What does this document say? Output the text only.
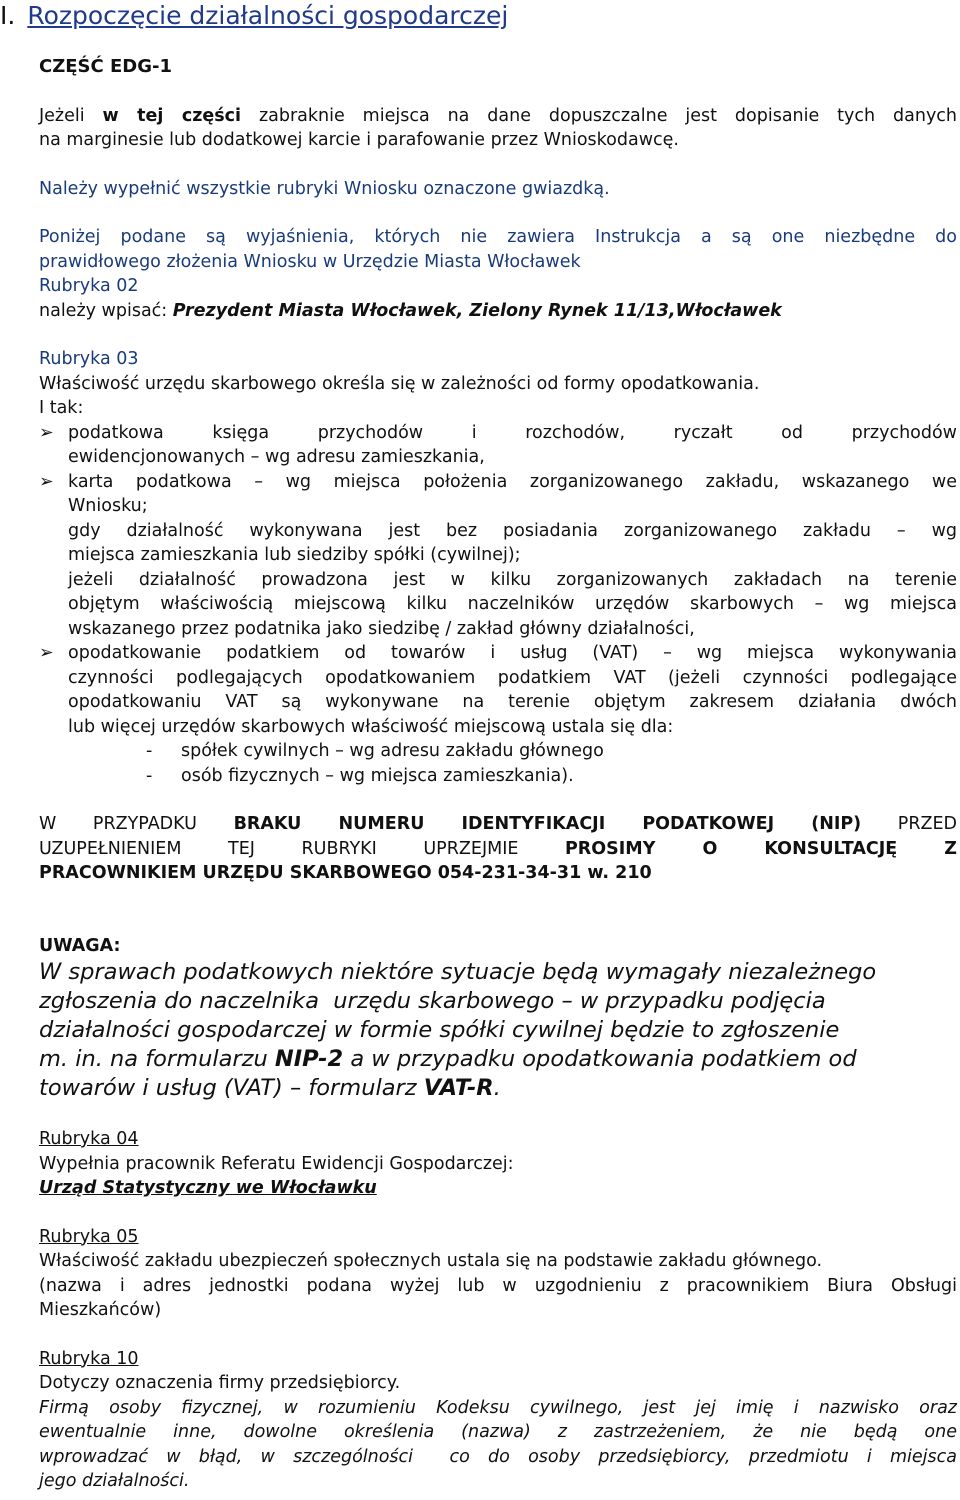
I. Rozpoczęcie działalności gospodarczej

CZĘŚĆ EDG-1

Jeżeli w tej części zabraknie miejsca na dane dopuszczalne jest dopisanie tych danych

na marginesie lub dodatkowej karcie i parafowanie przez Wnioskodawcę.

Należy wypełnić wszystkie rubryki Wniosku oznaczone gwiazdką.

Poniżej podane są wyjaśnienia, których nie zawiera Instrukcja a są one niezbędne do

prawidłowego złożenia Wniosku w Urzędzie Miasta Włocławek

Rubryka 02

należy wpisać: Prezydent Miasta Włocławek, Zielony Rynek 11/13,Włocławek

Rubryka 03

Właściwość urzędu skarbowego określa się w zależności od formy opodatkowania.

I tak:

➢ podatkowa księga przychodów i rozchodów, ryczałt od przychodów

ewidencjonowanych – wg adresu zamieszkania,

➢ karta podatkowa – wg miejsca położenia zorganizowanego zakładu, wskazanego we

Wniosku;

gdy działalność wykonywana jest bez posiadania zorganizowanego zakładu – wg

miejsca zamieszkania lub siedziby spółki (cywilnej);

jeżeli działalność prowadzona jest w kilku zorganizowanych zakładach na terenie

objętym właściwością miejscową kilku naczelników urzędów skarbowych – wg miejsca

wskazanego przez podatnika jako siedzibę / zakład główny działalności,

➢ opodatkowanie podatkiem od towarów i usług (VAT) – wg miejsca wykonywania

czynności podlegających opodatkowaniem podatkiem VAT (jeżeli czynności podlegające

opodatkowaniu VAT są wykonywane na terenie objętym zakresem działania dwóch

lub więcej urzędów skarbowych właściwość miejscową ustala się dla:

- spółek cywilnych – wg adresu zakładu głównego

- osób fizycznych – wg miejsca zamieszkania).

W PRZYPADKU BRAKU NUMERU IDENTYFIKACJI PODATKOWEJ (NIP) PRZED

UZUPEŁNIENIEM TEJ RUBRYKI UPRZEJMIE PROSIMY O KONSULTACJĘ Z

PRACOWNIKIEM URZĘDU SKARBOWEGO 054-231-34-31 w. 210

UWAGA:

W sprawach podatkowych niektóre sytuacje będą wymagały niezależnego

zgłoszenia do naczelnika  urzędu skarbowego – w przypadku podjęcia

działalności gospodarczej w formie spółki cywilnej będzie to zgłoszenie

m. in. na formularzu NIP-2 a w przypadku opodatkowania podatkiem od

towarów i usług (VAT) – formularz VAT-R.

Rubryka 04

Wypełnia pracownik Referatu Ewidencji Gospodarczej:

Urząd Statystyczny we Włocławku

Rubryka 05

Właściwość zakładu ubezpieczeń społecznych ustala się na podstawie zakładu głównego.

(nazwa i adres jednostki podana wyżej lub w uzgodnieniu z pracownikiem Biura Obsługi

Mieszkańców)

Rubryka 10

Dotyczy oznaczenia firmy przedsiębiorcy.

Firmą osoby fizycznej, w rozumieniu Kodeksu cywilnego, jest jej imię i nazwisko oraz

ewentualnie inne, dowolne określenia (nazwa) z zastrzeżeniem, że nie będą one

wprowadzać w błąd, w szczególności  co do osoby przedsiębiorcy, przedmiotu i miejsca

jego działalności.
